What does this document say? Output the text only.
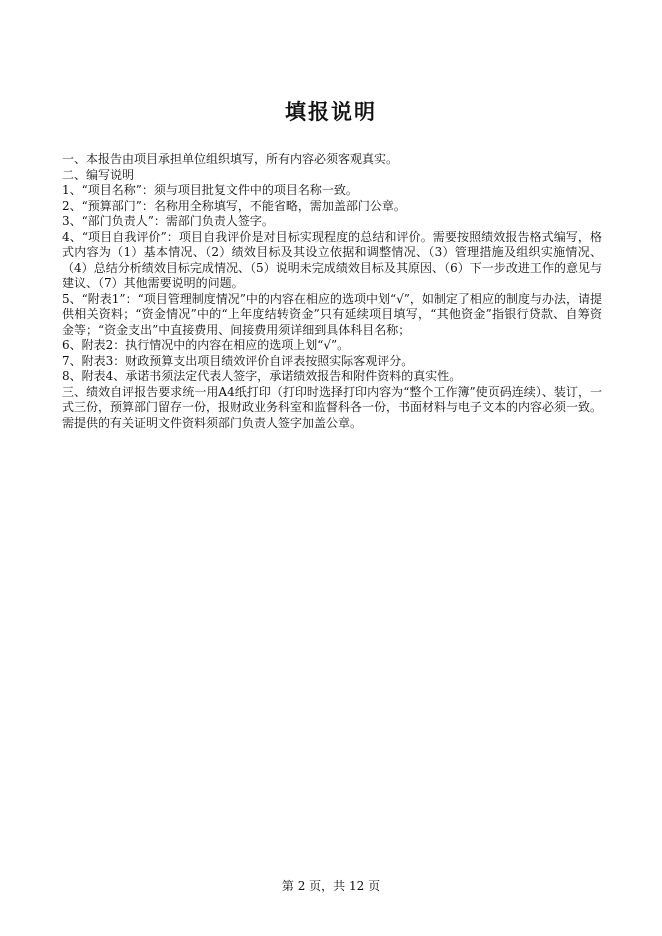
填报说明

一、本报告由项目承担单位组织填写，所有内容必须客观真实。

二、编写说明

1、“项目名称”：须与项目批复文件中的项目名称一致。

2、“预算部门”：名称用全称填写，不能省略，需加盖部门公章。

3、“部门负责人”：需部门负责人签字。

4、“项目自我评价”：项目自我评价是对目标实现程度的总结和评价。需要按照绩效报告格式编写，格式内容为（1）基本情况、（2）绩效目标及其设立依据和调整情况、（3）管理措施及组织实施情况、（4）总结分析绩效目标完成情况、（5）说明未完成绩效目标及其原因、（6）下一步改进工作的意见与建议、（7）其他需要说明的问题。

5、“附表1”：“项目管理制度情况”中的内容在相应的选项中划“√”，如制定了相应的制度与办法，请提供相关资料；“资金情况”中的“上年度结转资金”只有延续项目填写，“其他资金”指银行贷款、自筹资金等；“资金支出”中直接费用、间接费用须详细到具体科目名称；

6、附表2：执行情况中的内容在相应的选项上划“√”。

7、附表3：财政预算支出项目绩效评价自评表按照实际客观评分。

8、附表4、承诺书须法定代表人签字，承诺绩效报告和附件资料的真实性。

三、绩效自评报告要求统一用A4纸打印（打印时选择打印内容为“整个工作簿”使页码连续）、装订，一式三份，预算部门留存一份，报财政业务科室和监督科各一份，书面材料与电子文本的内容必须一致。需提供的有关证明文件资料须部门负责人签字加盖公章。

第 2 页，共 12 页
